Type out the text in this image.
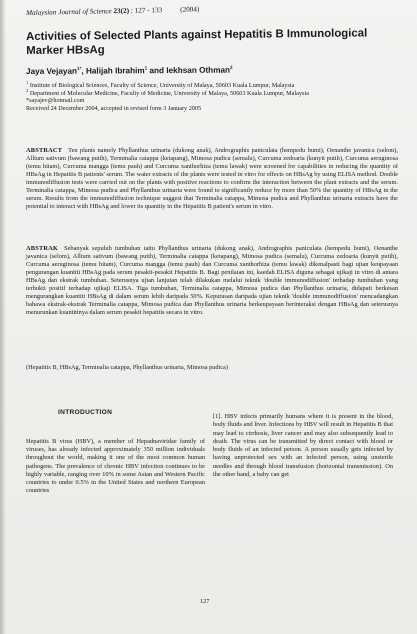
Malaysian Journal of Science 23(2) : 127 - 133 (2004)
Activities of Selected Plants against Hepatitis B Immunological
Marker HBsAg
Jaya Vejayan$^{1*}$, Halijah Ibrahim$^1$ and Iekhsan Othman$^2$
$^1$ Institute of Biological Sciences, Faculty of Science, University of Malaya, 50603 Kuala Lumpur, Malaysia
$^2$ Department of Molecular Medicine, Faculty of Medicine, University of Malaya, 50603 Kuala Lumpur, Malaysia
*sayajev@hotmail.com
Received 24 December 2004, accepted in revised form 3 January 2005
ABSTRACT Ten plants namely Phyllanthus urinaria (dukong anak), Andrographis paniculata (hempedu bumi), Oenanthe javanica (selom), Allium sativum (bawang putih), Terminalia catappa (ketapang), Mimosa pudica (semalu), Curcuma zedoaria (kunyit putih), Curcuma aeruginosa (temu hitam), Curcuma mangga (temu pauh) and Curcuma xanthorhiza (temu lawak) were screened for capabilities in reducing the quantity of HBsAg in Hepatitis B patients' serum. The water extracts of the plants were tested in vitro for effects on HBsAg by using ELISA method. Double immunodiffusion tests were carried out on the plants with positive reactions to confirm the interaction between the plant extracts and the serum. Terminalia catappa, Mimosa pudica and Phyllanthus urinaria were found to significantly reduce by more than 50% the quantity of HBsAg in the serum. Results from the immunodiffusion technique suggest that Terminalia catappa, Mimosa pudica and Phyllanthus urinaria extracts have the potential to interact with HBsAg and lower its quantity in the Hepatitis B patient's serum in vitro.
ABSTRAK Sebanyak sepuluh tumbuhan iaitu Phyllanthus urinaria (dukong anak), Andrographis paniculata (hempedu bumi), Oenanthe javanica (selom), Allium sativum (bawang putih), Terminalia catappa (ketapang), Mimosa pudica (semalu), Curcuma zedoaria (kunyit putih), Curcuma aeruginosa (temu hitam), Curcuma mangga (temu pauh) dan Curcuma xanthorhiza (temu lawak) dikenalpasti bagi ujian keupayaan pengurangan kuantiti HBsAg pada serum pesakit-pesakit Hepatitis B. Bagi penilaian ini, kaedah ELISA diguna sebagai ujikaji in vitro di antara HBsAg dan ekstrak tumbuhan. Seterusnya ujian lanjutan telah dilakukan melalui teknik 'double immunodiffusion' terhadap tumbuhan yang terbukti positif terhadap ujikaji ELISA. Tiga tumbuhan, Terminalia catappa, Mimosa pudica dan Phyllanthus urinaria, didapati berkesan mengurangkan kuantiti HBsAg di dalam serum lebih daripada 50%. Keputusan daripada ujian teknik 'double immunodiffusion' mencadangkan bahawa ekstrak-ekstrak Terminalia catappa, Mimosa pudica dan Phyllanthus urinaria berkeupayaan berinteraksi dengan HBsAg dan seterusnya menurunkan kuantitinya dalam serum pesakit hepatitis secara in vitro.
(Hepatitis B, HBsAg, Terminalia catappa, Phyllanthus urinaria, Mimosa pudica)
INTRODUCTION
Hepatitis B virus (HBV), a member of Hepadnaviridae family of viruses, has already infected approximately 350 million individuals throughout the world, making it one of the most common human pathogens. The prevalence of chronic HBV infection continues to be highly variable, ranging over 10% in some Asian and Western Pacific countries to under 0.5% in the United States and northern European countries
[1]. HBV infects primarily humans where it is present in the blood, body fluids and liver. Infections by HBV will result in Hepatitis B that may lead to cirrhosis, liver cancer and may also subsequently lead to death. The virus can be transmitted by direct contact with blood or body fluids of an infected person. A person usually gets infected by having unprotected sex with an infected person, using unsterile needles and through blood transfusion (horizontal transmission). On the other hand, a baby can get
127
